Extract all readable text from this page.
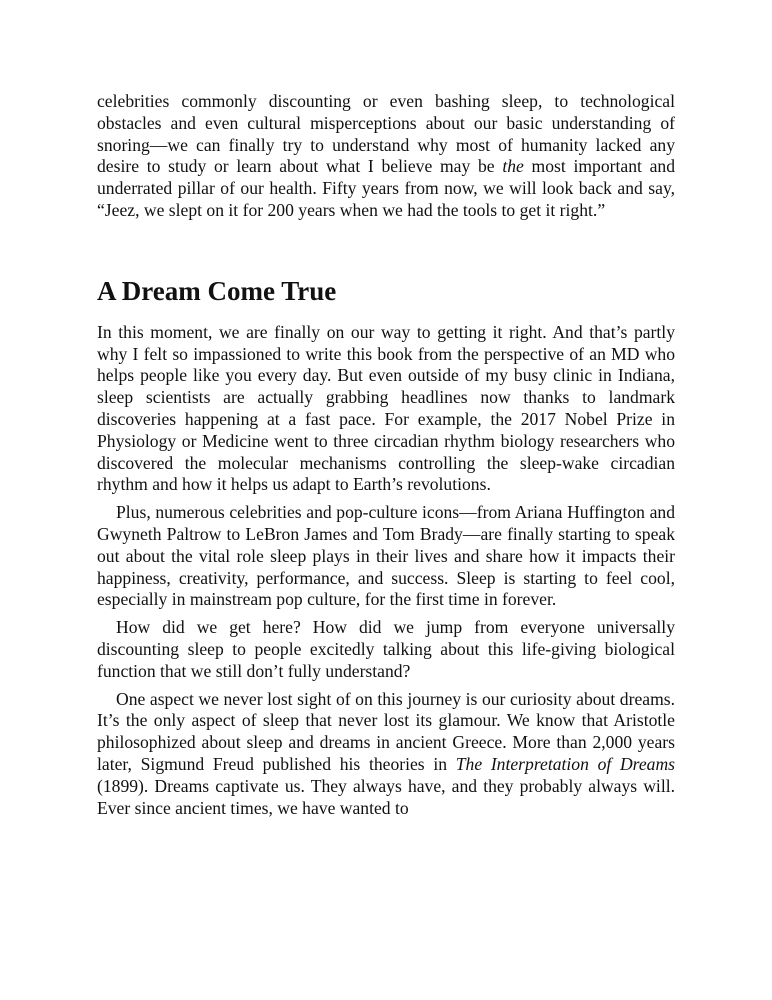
celebrities commonly discounting or even bashing sleep, to technological obstacles and even cultural misperceptions about our basic understanding of snoring—we can finally try to understand why most of humanity lacked any desire to study or learn about what I believe may be the most important and underrated pillar of our health. Fifty years from now, we will look back and say, “Jeez, we slept on it for 200 years when we had the tools to get it right.”

A Dream Come True

In this moment, we are finally on our way to getting it right. And that’s partly why I felt so impassioned to write this book from the perspective of an MD who helps people like you every day. But even outside of my busy clinic in Indiana, sleep scientists are actually grabbing headlines now thanks to landmark discoveries happening at a fast pace. For example, the 2017 Nobel Prize in Physiology or Medicine went to three circadian rhythm biology researchers who discovered the molecular mechanisms controlling the sleep-wake circadian rhythm and how it helps us adapt to Earth’s revolutions.

Plus, numerous celebrities and pop-culture icons—from Ariana Huffington and Gwyneth Paltrow to LeBron James and Tom Brady—are finally starting to speak out about the vital role sleep plays in their lives and share how it impacts their happiness, creativity, performance, and success. Sleep is starting to feel cool, especially in mainstream pop culture, for the first time in forever.

How did we get here? How did we jump from everyone universally discounting sleep to people excitedly talking about this life-giving biological function that we still don’t fully understand?

One aspect we never lost sight of on this journey is our curiosity about dreams. It’s the only aspect of sleep that never lost its glamour. We know that Aristotle philosophized about sleep and dreams in ancient Greece. More than 2,000 years later, Sigmund Freud published his theories in The Interpretation of Dreams (1899). Dreams captivate us. They always have, and they probably always will. Ever since ancient times, we have wanted to
